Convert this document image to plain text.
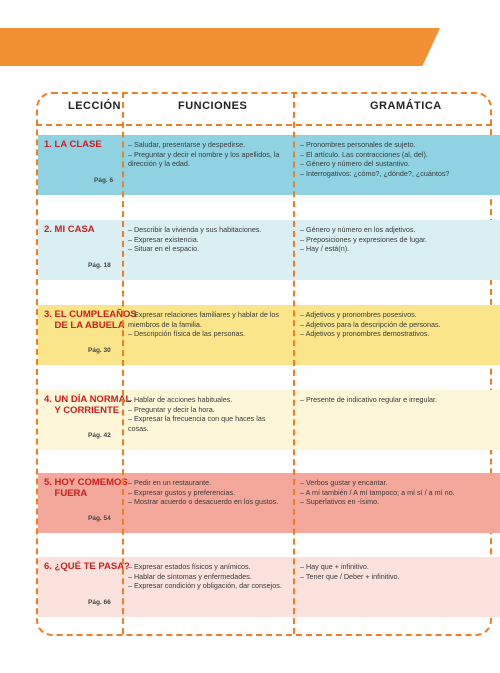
CUADRO DE PROGRAMACIÓN
LECCIÓN	FUNCIONES	GRAMÁTICA
1. LA CLASE
Pág. 6
– Saludar, presentarse y despedirse.
– Preguntar y decir el nombre y los apellidos, la
dirección y la edad.
– Pronombres personales de sujeto.
– El artículo. Las contracciones (al, del).
– Género y número del sustantivo.
– Interrogativos: ¿cómo?, ¿dónde?, ¿cuántos?
2. MI CASA
Pág. 18
– Describir la vivienda y sus habitaciones.
– Expresar existencia.
– Situar en el espacio.
– Género y número en los adjetivos.
– Preposiciones y expresiones de lugar.
– Hay / está(n).
3. EL CUMPLEAÑOS
DE LA ABUELA
Pág. 30
– Expresar relaciones familiares y hablar de los
miembros de la familia.
– Descripción física de las personas.
– Adjetivos y pronombres posesivos.
– Adjetivos para la descripción de personas.
– Adjetivos y pronombres demostrativos.
4. UN DÍA NORMAL
Y CORRIENTE
Pág. 42
– Hablar de acciones habituales.
– Preguntar y decir la hora.
– Expresar la frecuencia con que haces las cosas.
– Presente de indicativo regular e irregular.
5. HOY COMEMOS
FUERA
Pág. 54
– Pedir en un restaurante.
– Expresar gustos y preferencias.
– Mostrar acuerdo o desacuerdo en los gustos.
– Verbos gustar y encantar.
– A mí también / A mí tampoco; a mí sí / a mí no.
– Superlativos en -ísimo.
6. ¿QUÉ TE PASA?
Pág. 66
– Expresar estados físicos y anímicos.
– Hablar de síntomas y enfermedades.
– Expresar condición y obligación, dar consejos.
– Hay que + infinitivo.
– Tener que / Deber + infinitivo.
